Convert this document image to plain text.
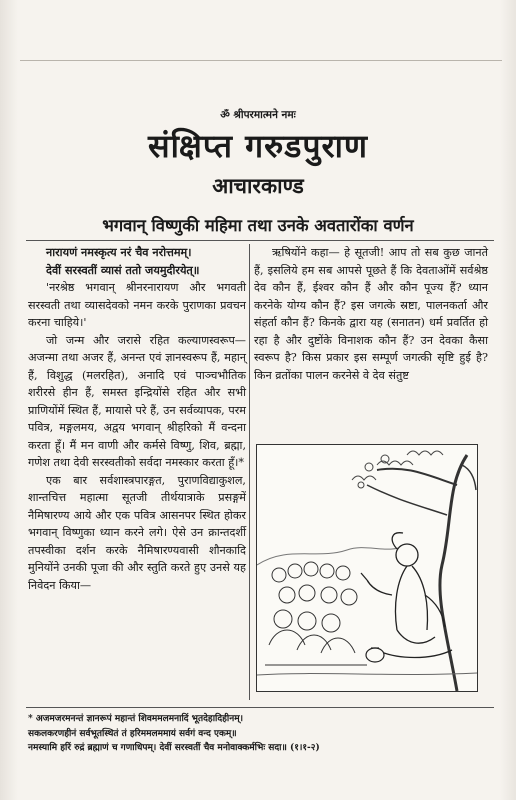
ॐ श्रीपरमात्मने नमः
संक्षिप्त गरुडपुराण
आचारकाण्ड
भगवान् विष्णुकी महिमा तथा उनके अवतारोंका वर्णन

नारायणं नमस्कृत्य नरं चैव नरोत्तमम्।

देवीं सरस्वतीं व्यासं ततो जयमुदीरयेत्॥

'नरश्रेष्ठ भगवान् श्रीनरनारायण और भगवती सरस्वती तथा व्यासदेवको नमन करके पुराणका प्रवचन करना चाहिये।'

जो जन्म और जरासे रहित कल्याणस्वरूप—अजन्मा तथा अजर हैं, अनन्त एवं ज्ञानस्वरूप हैं, महान् हैं, विशुद्ध (मलरहित), अनादि एवं पाञ्चभौतिक शरीरसे हीन हैं, समस्त इन्द्रियोंसे रहित और सभी प्राणियोंमें स्थित हैं, मायासे परे हैं, उन सर्वव्यापक, परम पवित्र, मङ्गलमय, अद्वय भगवान् श्रीहरिको मैं वन्दना करता हूँ। मैं मन वाणी और कर्मसे विष्णु, शिव, ब्रह्मा, गणेश तथा देवी सरस्वतीको सर्वदा नमस्कार करता हूँ।*

एक बार सर्वशास्त्रपारङ्गत, पुराणविद्याकुशल, शान्तचित्त महात्मा सूतजी तीर्थयात्राके प्रसङ्गमें नैमिषारण्य आये और एक पवित्र आसनपर स्थित होकर भगवान् विष्णुका ध्यान करने लगे। ऐसे उन क्रान्तदर्शी तपस्वीका दर्शन करके नैमिषारण्यवासी शौनकादि मुनियोंने उनकी पूजा की और स्तुति करते हुए उनसे यह निवेदन किया—

ऋषियोंने कहा— हे सूतजी! आप तो सब कुछ जानते हैं, इसलिये हम सब आपसे पूछते हैं कि देवताओंमें सर्वश्रेष्ठ देव कौन हैं, ईश्वर कौन हैं और कौन पूज्य हैं? ध्यान करनेके योग्य कौन हैं? इस जगत्के स्रष्टा, पालनकर्ता और संहर्ता कौन हैं? किनके द्वारा यह (सनातन) धर्म प्रवर्तित हो रहा है और दुष्टोंके विनाशक कौन हैं? उन देवका कैसा स्वरूप है? किस प्रकार इस सम्पूर्ण जगत्की सृष्टि हुई है? किन व्रतोंका पालन करनेसे वे देव संतुष्ट

* अजमजरमनन्तं ज्ञानरूपं महान्तं शिवममलमनादिं भूतदेहादिहीनम्।

सकलकरणहीनं सर्वभूतस्थितं तं हरिममलममायं सर्वगं वन्द एकम्॥

नमस्यामि हरिं रुद्रं ब्रह्माणं च गणाधिपम्। देवीं सरस्वतीं चैव मनोवाक्कर्मभिः सदा॥ (१।१-२)
